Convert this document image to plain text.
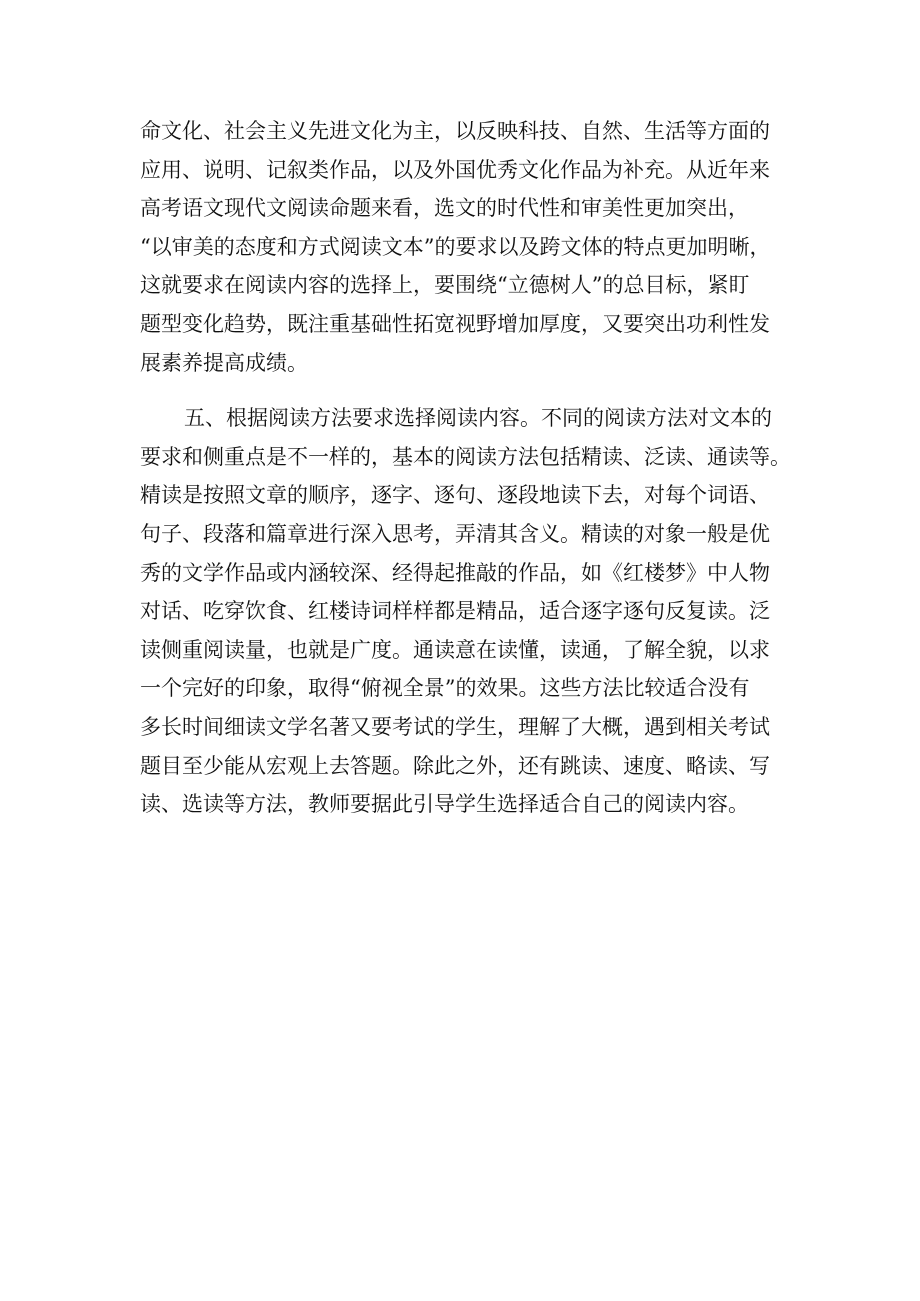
命文化、社会主义先进文化为主，以反映科技、自然、生活等方面的
应用、说明、记叙类作品，以及外国优秀文化作品为补充。从近年来
高考语文现代文阅读命题来看，选文的时代性和审美性更加突出，
“以审美的态度和方式阅读文本”的要求以及跨文体的特点更加明晰，
这就要求在阅读内容的选择上，要围绕“立德树人”的总目标，紧盯
题型变化趋势，既注重基础性拓宽视野增加厚度，又要突出功利性发
展素养提高成绩。
五、根据阅读方法要求选择阅读内容。不同的阅读方法对文本的
要求和侧重点是不一样的，基本的阅读方法包括精读、泛读、通读等。
精读是按照文章的顺序，逐字、逐句、逐段地读下去，对每个词语、
句子、段落和篇章进行深入思考，弄清其含义。精读的对象一般是优
秀的文学作品或内涵较深、经得起推敲的作品，如《红楼梦》中人物
对话、吃穿饮食、红楼诗词样样都是精品，适合逐字逐句反复读。泛
读侧重阅读量，也就是广度。通读意在读懂，读通，了解全貌，以求
一个完好的印象，取得“俯视全景”的效果。这些方法比较适合没有
多长时间细读文学名著又要考试的学生，理解了大概，遇到相关考试
题目至少能从宏观上去答题。除此之外，还有跳读、速度、略读、写
读、选读等方法，教师要据此引导学生选择适合自己的阅读内容。
